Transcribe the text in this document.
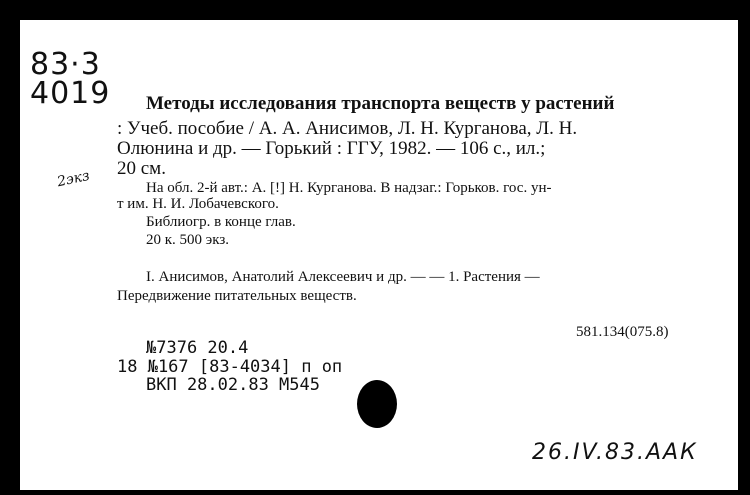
83·3
4019 Методы исследования транспорта веществ у растений
: Учеб. пособие / А. А. Анисимов, Л. Н. Курганова, Л. Н.
Олюнина и др. — Горький : ГГУ, 1982. — 106 с., ил.;
20 см.
2экз	На обл. 2-й авт.: А. [!] Н. Курганова. В надзаг.: Горьков. гос. ун-
т им. Н. И. Лобачевского.
Библиогр. в конце глав.
20 к. 500 экз.
I. Анисимов, Анатолий Алексеевич и др. — — 1. Растения —
Передвижение питательных веществ.
581.134(075.8)
№7376 20.4
18 №167 [83-4034] п оп
ВКП 28.02.83 М545
26.IV.83.ААК
